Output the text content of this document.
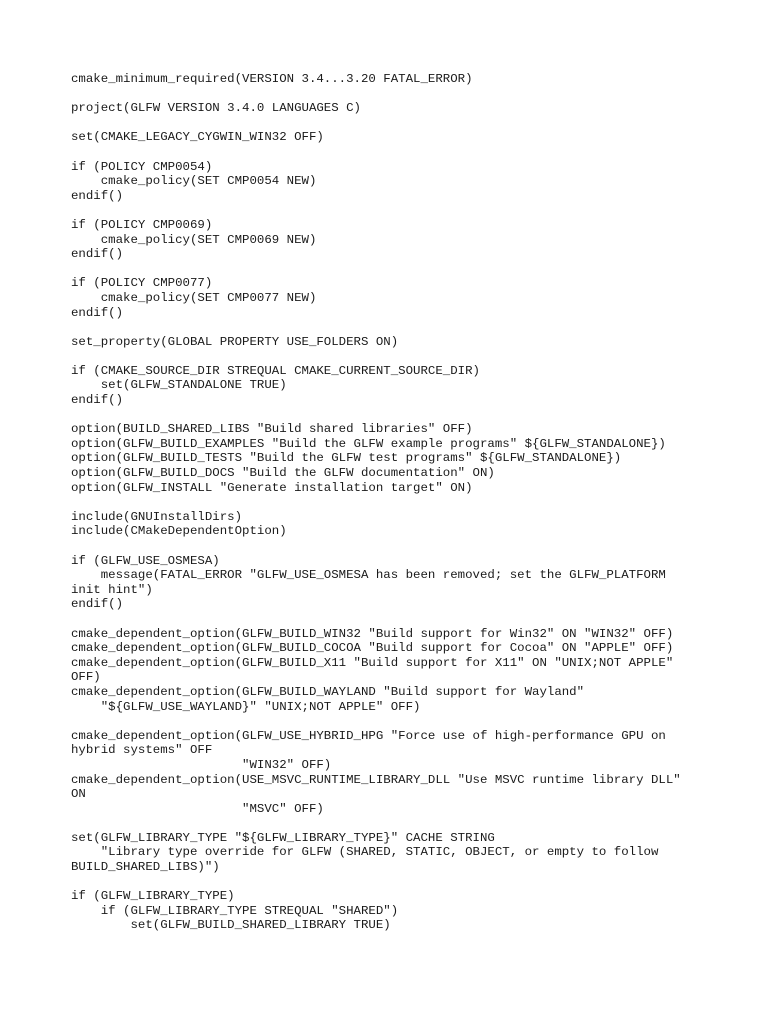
cmake_minimum_required(VERSION 3.4...3.20 FATAL_ERROR)
project(GLFW VERSION 3.4.0 LANGUAGES C)
set(CMAKE_LEGACY_CYGWIN_WIN32 OFF)
if (POLICY CMP0054)
cmake_policy(SET CMP0054 NEW)
endif()
if (POLICY CMP0069)
cmake_policy(SET CMP0069 NEW)
endif()
if (POLICY CMP0077)
cmake_policy(SET CMP0077 NEW)
endif()
set_property(GLOBAL PROPERTY USE_FOLDERS ON)
if (CMAKE_SOURCE_DIR STREQUAL CMAKE_CURRENT_SOURCE_DIR)
set(GLFW_STANDALONE TRUE)
endif()
option(BUILD_SHARED_LIBS "Build shared libraries" OFF)
option(GLFW_BUILD_EXAMPLES "Build the GLFW example programs" ${GLFW_STANDALONE})
option(GLFW_BUILD_TESTS "Build the GLFW test programs" ${GLFW_STANDALONE})
option(GLFW_BUILD_DOCS "Build the GLFW documentation" ON)
option(GLFW_INSTALL "Generate installation target" ON)
include(GNUInstallDirs)
include(CMakeDependentOption)
if (GLFW_USE_OSMESA)
message(FATAL_ERROR "GLFW_USE_OSMESA has been removed; set the GLFW_PLATFORM
init hint")
endif()
cmake_dependent_option(GLFW_BUILD_WIN32 "Build support for Win32" ON "WIN32" OFF)
cmake_dependent_option(GLFW_BUILD_COCOA "Build support for Cocoa" ON "APPLE" OFF)
cmake_dependent_option(GLFW_BUILD_X11 "Build support for X11" ON "UNIX;NOT APPLE"
OFF)
cmake_dependent_option(GLFW_BUILD_WAYLAND "Build support for Wayland"
"${GLFW_USE_WAYLAND}" "UNIX;NOT APPLE" OFF)
cmake_dependent_option(GLFW_USE_HYBRID_HPG "Force use of high-performance GPU on
hybrid systems" OFF
"WIN32" OFF)
cmake_dependent_option(USE_MSVC_RUNTIME_LIBRARY_DLL "Use MSVC runtime library DLL"
ON
"MSVC" OFF)
set(GLFW_LIBRARY_TYPE "${GLFW_LIBRARY_TYPE}" CACHE STRING
"Library type override for GLFW (SHARED, STATIC, OBJECT, or empty to follow
BUILD_SHARED_LIBS)")
if (GLFW_LIBRARY_TYPE)
if (GLFW_LIBRARY_TYPE STREQUAL "SHARED")
set(GLFW_BUILD_SHARED_LIBRARY TRUE)
